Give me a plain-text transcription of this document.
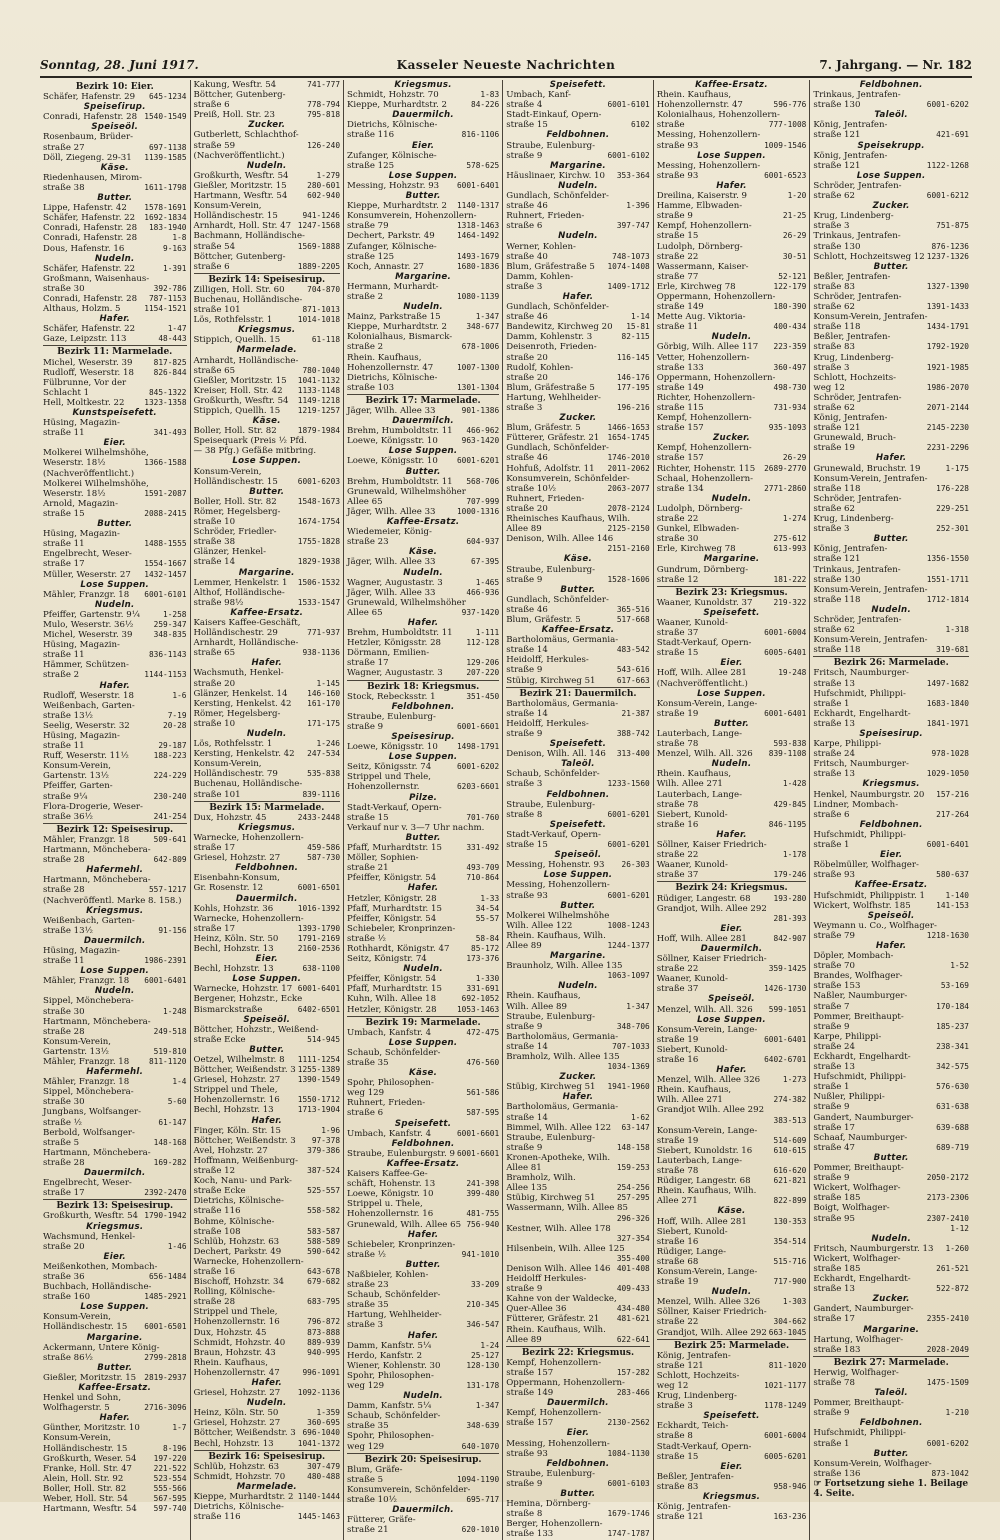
Sonntag, 28. Juni 1917.	Kasseler Neueste Nachrichten	7. Jahrgang. — Nr. 182
Bezirk 10: Eier.
Schäfer, Hafenstr. 29 645-1234
Speiseſirup.
Conradi, Hafenstr. 28 1540-1549
Speiseöl.
Rosenbaum, Brüder-
straße 27	697-1138
Döll, Ziegeng. 29-31 1139-1585
Käse.
Riedenhausen, Mirom-
straße 38	1611-1798
Butter.
Lippe, Hafenstr. 42 1578-1691
Schäfer, Hafenstr. 22 1692-1834
Conradi, Hafenstr. 28 183-1940
Conradi, Hafenstr. 28	1-8
Dous, Hafenstr. 16	9-163
Nudeln.
Schäfer, Hafenstr. 22	1-391
Großmann, Waisenhaus-
straße 30	392-786
Conradi, Hafenstr. 28 787-1153
Althaus, Holzm. 5	1154-1521
Hafer.
Schäfer, Hafenstr. 22	1-47
Gaze, Leipzstr. 113	48-443
Bezirk 11: Marmelade.
Michel, Weserstr. 39	817-825
Rudloff, Weserstr. 18	826-844
Fülbrunne, Vor der
Schlacht 1	845-1322
Hell, Moltkestr. 22	1323-1358
Kunstspeisefett.
Hüsing, Magazin-
straße 11	341-493
Eier.
Molkerei Wilhelmshöhe,
Weserstr. 18½	1366-1588
(Nachveröffentlicht.)
Molkerei Wilhelmshöhe,
Weserstr. 18½	1591-2087
Arnold, Magazin-
straße 15	2088-2415
Butter.
Hüsing, Magazin-
straße 11	1488-1555
Engelbrecht, Weser-
straße 17	1554-1667
Müller, Weserstr. 27 1432-1457
Lose Suppen.
Mähler, Franzgr. 18 6001-6101
Nudeln.
Pfeiffer, Gartenstr. 9¼	1-258
Mulo, Weserstr. 36½	259-347
Michel, Weserstr. 39	348-835
Hüsing, Magazin-
straße 11	836-1143
Hämmer, Schützen-
straße 2	1144-1153
Hafer.
Rudloff, Weserstr. 18	1-6
Weißenbach, Garten-
straße 13½	7-19
Seelig, Weserstr. 32	20-28
Hüsing, Magazin-
straße 11	29-187
Ruff, Weserstr. 11½	188-223
Konsum-Verein,
Gartenstr. 13½	224-229
Pfeiffer, Garten-
straße 9¼	230-240
Flora-Drogerie, Weser-
straße 36½	241-254
Bezirk 12: Speisesirup.
Mähler, Franzgr. 18	509-641
Hartmann, Mönchebera-
straße 28	642-809
Hafermehl.
Hartmann, Mönchebera-
straße 28	557-1217
(Nachveröffentl. Marke 8. 158.)
Kriegsmus.
Weißenbach, Garten-
straße 13½	91-156
Dauermilch.
Hüsing, Magazin-
straße 11	1986-2391
Lose Suppen.
Mähler, Franzgr. 18 6001-6401
Nudeln.
Sippel, Mönchebera-
straße 30	1-248
Hartmann, Mönchebera-
straße 28	249-518
Konsum-Verein,
Gartenstr. 13½	519-810
Mähler, Franzgr. 18	811-1120
Hafermehl.
Mähler, Franzgr. 18	1-4
Sippel, Mönchebera-
straße 30	5-60
Jungbans, Wolfsanger-
straße ½	61-147
Berbold, Wolfsanger-
straße 5	148-168
Hartmann, Mönchebera-
straße 28	169-282
Dauermilch.
Engelbrecht, Weser-
straße 17	2392-2470
Bezirk 13: Speisesirup.
Großkurth, Wesftr. 54 1790-1942
Kriegsmus.
Wachsmund, Henkel-
straße 20	1-46
Eier.
Meißenkothen, Mombach-
straße 36	656-1484
Buchbach, Holländische-
straße 160	1485-2921
Lose Suppen.
Konsum-Verein,
Holländischestr. 15 6001-6501
Margarine.
Ackermann, Untere König-
straße 86½	2799-2818
Butter.
Gießler, Moritzstr. 15 2819-2937
Kaffee-Ersatz.
Henkel und Sohn,
Wolfhagerstr. 5	2716-3096
Hafer.
Günther, Moritzstr. 10	1-7
Konsum-Verein,
Holländischestr. 15	8-196
Großkurth, Weser. 54 197-220
Franke, Holl. Str. 47	221-522
Alein, Holl. Str. 92	523-554
Boller, Holl. Str. 82	555-566
Weber, Holl. Str. 54	567-595
Hartmann, Wesftr. 54 597-740
Kakung, Wesftr. 54	741-777
Böttcher, Gutenberg-
straße 6	778-794
Preiß, Holl. Str. 23	795-818
Zucker.
Gutberlett, Schlachthof-
straße 59	126-240
(Nachveröffentlicht.)
Nudeln.
Großkurth, Wesftr. 54	1-279
Gießler, Moritzstr. 15	280-601
Hartmann, Wesftr. 54	602-940
Konsum-Verein,
Holländischestr. 15	941-1246
Arnhardt, Holl. Str. 47 1247-1568
Bachmann, Holländische-
straße 54	1569-1888
Böttcher, Gutenberg-
straße 6	1889-2205
Bezirk 14: Speisesirup.
Zilligen, Holl. Str. 60	704-870
Buchenau, Holländische-
straße 101	871-1013
Lös, Rothfelsstr. 1	1014-1018
Kriegsmus.
Stippich, Quellh. 15	61-118
Marmelade.
Arnhardt, Holländische-
straße 65	780-1040
Gießler, Moritzstr. 15 1041-1132
Kreiser, Holl. Str. 42 1133-1148
Großkurth, Wesftr. 54 1149-1218
Stippich, Quellh. 15 1219-1257
Käse.
Boller, Holl. Str. 82	1879-1984
Speisequark (Preis ½ Pfd.
— 38 Pfg.) Gefäße mitbring.
Lose Suppen.
Konsum-Verein,
Holländischestr. 15	6001-6203
Butter.
Boller, Holl. Str. 82	1548-1673
Römer, Hegelsberg-
straße 10	1674-1754
Schröder, Friedler-
straße 38	1755-1828
Glänzer, Henkel-
straße 14	1829-1938
Margarine.
Lemmer, Henkelstr. 1 1506-1532
Althof, Holländische-
straße 98½	1533-1547
Kaffee-Ersatz.
Kaisers Kaffee-Geschäft,
Holländischestr. 29	771-937
Arnhardt, Holländische-
straße 65	938-1136
Hafer.
Wachsmuth, Henkel-
straße 20	1-145
Glänzer, Henkelst. 14	146-160
Kersting, Henkelst. 42 161-170
Römer, Hegelsberg-
straße 10	171-175
Nudeln.
Lös, Rothfelsstr. 1	1-246
Kersting, Henkelstr. 42 247-534
Konsum-Verein,
Holländischestr. 79	535-838
Buchenau, Holländische-
straße 101	839-1116
Bezirk 15: Marmelade.
Dux, Hohzstr. 45	2433-2448
Kriegsmus.
Warnecke, Hohenzollern-
straße 17	459-586
Griesel, Hohzstr. 27	587-730
Feldbohnen.
Eisenbahn-Konsum,
Gr. Rosenstr. 12	6001-6501
Dauermilch.
Kohls, Hohzstr. 36	1016-1392
Warnecke, Hohenzollern-
straße 17	1393-1790
Heinz, Köln. Str. 50 1791-2169
Bechl, Hohzstr. 13	2160-2536
Eier.
Bechl, Hohzstr. 13	638-1100
Lose Suppen.
Warnecke, Hohzstr. 17 6001-6401
Bergener, Hohzstr., Ecke
Bismarckstraße	6402-6501
Speiseöl.
Böttcher, Hohzstr., Weißend-
straße Ecke	514-945
Butter.
Oetzel, Wilhelmstr. 8 1111-1254
Böttcher, Weißendstr. 3 1255-1389
Griesel, Hohzstr. 27 1390-1549
Strippel und Thele,
Hohenzollernstr. 16 1550-1712
Bechl, Hohzstr. 13	1713-1904
Hafer.
Finger, Köln. Str. 15	1-96
Böttcher, Weißendstr. 3 97-378
Avel, Hohzstr. 27	379-386
Hoffmann, Weißenburg-
straße 12	387-524
Koch, Nanu- und Park-
straße Ecke	525-557
Dietrichs, Kölnische-
straße 116	558-582
Bohme, Kölnische-
straße 108	583-587
Schlüb, Hohzstr. 63	588-589
Dechert, Parkstr. 49	590-642
Warnecke, Hohenzollern-
straße 16	643-678
Bischoff, Hohzstr. 34	679-682
Rolling, Kölnische-
straße 28	683-795
Strippel und Thele,
Hohenzollernstr. 16	796-872
Dux, Hohzstr. 45	873-888
Schmidt, Hohzstr. 40	889-939
Braun, Hohzstr. 43	940-995
Rhein. Kaufhaus,
Hohenzollernstr. 47	996-1091
Hafer.
Griesel, Hohzstr. 27 1092-1136
Nudeln.
Heinz, Köln. Str. 50	1-359
Griesel, Hohzstr. 27	360-695
Böttcher, Weißendstr. 3 696-1040
Bechl, Hohzstr. 13	1041-1372
Bezirk 16: Speisesirup.
Schlüb, Hohzstr. 63	307-479
Schmidt, Hohzstr. 70	480-488
Marmelade.
Kieppe, Murhardtstr. 2 1140-1444
Dietrichs, Kölnische-
straße 116	1445-1463
Kriegsmus.
Schmidt, Hohzstr. 70	1-83
Kieppe, Murhardtstr. 2	84-226
Dauermilch.
Dietrichs, Kölnische-
straße 116	816-1106
Eier.
Zufanger, Kölnische-
straße 125	578-625
Lose Suppen.
Messing, Hohzstr. 93 6001-6401
Butter.
Kieppe, Murhardtstr. 2 1140-1317
Konsumverein, Hohenzollern-
straße 79	1318-1463
Dechert, Parkstr. 49	1464-1492
Zufanger, Kölnische-
straße 125	1493-1679
Koch, Annastr. 27	1680-1836
Margarine.
Hermann, Murhardt-
straße 2	1080-1139
Nudeln.
Mainz, Parkstraße 15	1-347
Kieppe, Murhardtstr. 2 348-677
Kolonialhaus, Bismarck-
straße 2	678-1006
Rhein. Kaufhaus,
Hohenzollernstr. 47	1007-1300
Dietrichs, Kölnische-
straße 103	1301-1304
Bezirk 17: Marmelade.
Jäger, Wilh. Allee 33	901-1386
Dauermilch.
Brehm, Humboldtstr. 11 466-962
Loewe, Königsstr. 10	963-1420
Lose Suppen.
Loewe, Königsstr. 10 6001-6201
Butter.
Brehm, Humboldtstr. 11 568-706
Grunewald, Wilhelmshöher
Allee 65	707-999
Jäger, Wilh. Allee 33	1000-1316
Kaffee-Ersatz.
Wiedemeier, König-
straße 23	604-937
Käse.
Jäger, Wilh. Allee 33	67-395
Nudeln.
Wagner, Augustastr. 3	1-465
Jäger, Wilh. Allee 33	466-936
Grunewald, Wilhelmshöher
Allee 65	937-1420
Hafer.
Brehm, Humboldtstr. 11	1-111
Hetzler, Königsstr. 28	112-128
Dörmann, Emilien-
straße 17	129-206
Wagner, Augustastr. 3	207-220
Bezirk 18: Kriegsmus.
Stock, Rebecksstr. 1	351-450
Feldbohnen.
Straube, Eulenburg-
straße 9	6001-6601
Speisesirup.
Loewe, Königsstr. 10 1498-1791
Lose Suppen.
Seitz, Königsstr. 74	6001-6202
Strippel und Thele,
Hohenzollernstr.	6203-6601
Pilze.
Stadt-Verkauf, Opern-
straße 15	701-760
Verkauf nur v. 3—7 Uhr nachm.
Butter.
Pfaff, Murhardtstr. 15	331-492
Möller, Sophien-
straße 21	493-709
Pfeiffer, Königstr. 54	710-864
Hafer.
Hetzler, Königstr. 28	1-33
Pfaff, Murhardtstr. 15	34-54
Pfeiffer, Königstr. 54	55-57
Schiebeler, Kronprinzen-
straße ½	58-84
Rothhardt, Königstr. 47	85-172
Seitz, Königstr. 74	173-376
Nudeln.
Pfeiffer, Königstr. 54	1-330
Pfaff, Murhardtstr. 15	331-691
Kuhn, Wilh. Allee 18	692-1052
Hetzler, Königstr. 28	1053-1463
Bezirk 19: Marmelade.
Umbach, Kanfstr. 4	472-475
Lose Suppen.
Schaub, Schönfelder-
straße 35	476-560
Käse.
Spohr, Philosophen-
weg 129	561-586
Ruhnert, Frieden-
straße 6	587-595
Speisefett.
Umbach, Kanfstr. 4	6001-6601
Feldbohnen.
Straube, Eulenburgstr. 9 6001-6601
Kaffee-Ersatz.
Kaisers Kaffee-Ge-
schäft, Hohenstr. 13	241-398
Loewe, Königstr. 10	399-480
Strippel u. Thele,
Hohenzollernstr. 16	481-755
Grunewald, Wilh. Allee 65 756-940
Hafer.
Schiebeler, Kronprinzen-
straße ½	941-1010
Butter.
Naßbieler, Kohlen-
straße 23	33-209
Schaub, Schönfelder-
straße 35	210-345
Hartung, Wehlheider-
straße 3	346-547
Hafer.
Damm, Kanfstr. 5¼	1-24
Herdo, Kanfstr. 2	25-127
Wiener, Kohlenstr. 30	128-130
Spohr, Philosophen-
weg 129	131-178
Nudeln.
Damm, Kanfstr. 5¼	1-347
Schaub, Schönfelder-
straße 35	348-639
Spohr, Philosophen-
weg 129	640-1070
Bezirk 20: Speisesirup.
Blum, Gräfe-
straße 5	1094-1190
Konsumverein, Schönfelder-
straße 10½	695-717
Dauermilch.
Fütterer, Gräfe-
straße 21	620-1010
Speisefett.
Umbach, Kanf-
straße 4	6001-6101
Stadt-Einkauf, Opern-
straße 15	6102
Feldbohnen.
Straube, Eulenburg-
straße 9	6001-6102
Margarine.
Häuslinaer, Kirchw. 10 353-364
Nudeln.
Gundlach, Schönfelder-
straße 46	1-396
Ruhnert, Frieden-
straße 6	397-747
Nudeln.
Werner, Kohlen-
straße 40	748-1073
Blum, Gräfestraße 5 1074-1408
Damm, Kohlen-
straße 3	1409-1712
Hafer.
Gundlach, Schönfelder-
straße 46	1-14
Bandewitz, Kirchweg 20 15-81
Damm, Kohlenstr. 3	82-115
Deisenroth, Frieden-
straße 20	116-145
Rudolf, Kohlen-
straße 20	146-176
Blum, Gräfestraße 5	177-195
Hartung, Wehlheider-
straße 3	196-216
Zucker.
Blum, Gräfestr. 5	1466-1653
Fütterer, Gräfestr. 21 1654-1745
Gundlach, Schönfelder-
straße 46	1746-2010
Hohfuß, Adolfstr. 11 2011-2062
Konsumverein, Schönfelder-
straße 10½	2063-2077
Ruhnert, Frieden-
straße 20	2078-2124
Rheinisches Kaufhaus, Wilh.
Allee 89	2125-2150
Denison, Wilh. Allee 146
2151-2160
Käse.
Straube, Eulenburg-
straße 9	1528-1606
Butter.
Gundlach, Schönfelder-
straße 46	365-516
Blum, Gräfestr. 5	517-668
Kaffee-Ersatz.
Bartholomäus, Germania-
straße 14	483-542
Heidolff, Herkules-
straße 9	543-616
Stübig, Kirchweg 51	617-663
Bezirk 21: Dauermilch.
Bartholomäus, Germania-
straße 14	21-387
Heidolff, Herkules-
straße 9	388-742
Speisefett.
Denison, Wilh. All. 146 313-400
Taleöl.
Schaub, Schönfelder-
straße 3	1233-1560
Feldbohnen.
Straube, Eulenburg-
straße 8	6001-6201
Speisefett.
Stadt-Verkauf, Opern-
straße 15	6001-6201
Speiseöl.
Messing, Hohenstr. 93 26-303
Lose Suppen.
Messing, Hohenzollern-
straße 93	6001-6201
Butter.
Molkerei Wilhelmshöhe
Wilh. Allee 122	1008-1243
Rhein. Kaufhaus, Wilh.
Allee 89	1244-1377
Margarine.
Braunholz, Wilh. Allee 135
1063-1097
Nudeln.
Rhein. Kaufhaus,
Wilh. Allee 89	1-347
Straube, Eulenburg-
straße 9	348-706
Bartholomäus, Germania-
straße 14	707-1033
Bramholz, Wilh. Allee 135
1034-1369
Zucker.
Stübig, Kirchweg 51 1941-1960
Hafer.
Bartholomäus, Germania-
straße 14	1-62
Bimmel, Wilh. Allee 122 63-147
Straube, Eulenburg-
straße 9	148-158
Kronen-Apotheke, Wilh.
Allee 81	159-253
Bramholz, Wilh.
Allee 135	254-256
Stübig, Kirchweg 51	257-295
Wassermann, Wilh. Allee 85
296-326
Kestner, Wilh. Allee 178
327-354
Hilsenbein, Wilh. Allee 125
355-400
Denison Wilh. Allee 146 401-408
Heidolff Herkules-
straße 9	409-433
Kahne von der Waldecke,
Quer-Allee 36	434-480
Fütterer, Gräfestr. 21 481-621
Rhein. Kaufhaus, Wilh.
Allee 89	622-641
Bezirk 22: Kriegsmus.
Kempf, Hohenzollern-
straße 157	157-282
Oppermann, Hohenzollern-
straße 149	283-466
Dauermilch.
Kempf, Hohenzollern-
straße 157	2130-2562
Eier.
Messing, Hohenzollern-
straße 93	1084-1130
Feldbohnen.
Straube, Eulenburg-
straße 9	6001-6103
Butter.
Hemina, Dörnberg-
straße 8	1679-1746
Berger, Hohenzollern-
straße 133	1747-1787
Kaffee-Ersatz.
Rhein. Kaufhaus,
Hohenzollernstr. 47	596-776
Kolonialhaus, Hohenzollern-
straße	777-1008
Messing, Hohenzollern-
straße 93	1009-1546
Lose Suppen.
Messing, Hohenzollern-
straße 93	6001-6523
Hafer.
Dreilina, Kaiserstr. 9	1-20
Hamme, Elbwaden-
straße 9	21-25
Kempf, Hohenzollern-
straße 15	26-29
Ludolph, Dörnberg-
straße 22	30-51
Wassermann, Kaiser-
straße 77	52-121
Erle, Kirchweg 78	122-179
Oppermann, Hohenzollern-
straße 149	180-390
Mette Aug. Viktoria-
straße 11	400-434
Nudeln.
Görbig, Wilh. Allee 117 223-359
Vetter, Hohenzollern-
straße 133	360-497
Oppermann, Hohenzollern-
straße 149	498-730
Richter, Hohenzollern-
straße 115	731-934
Kempf, Hohenzollern-
straße 157	935-1093
Zucker.
Kempf, Hohenzollern-
straße 157	26-29
Richter, Hohenstr. 115 2689-2770
Schaal, Hohenzollern-
straße 134	2771-2860
Nudeln.
Ludolph, Dörnberg-
straße 22	1-274
Gunkel, Elbwaden-
straße 30	275-612
Erle, Kirchweg 78	613-993
Margarine.
Gundrum, Dörnberg-
straße 12	181-222
Bezirk 23: Kriegsmus.
Waaner, Kunoldstr. 37	219-322
Speisefett.
Waaner, Kunold-
straße 37	6001-6004
Stadt-Verkauf, Opern-
straße 15	6005-6401
Eier.
Hoff, Wilh. Allee 281	19-248
(Nachveröffentlicht.)
Lose Suppen.
Konsum-Verein, Lange-
straße 19	6001-6401
Butter.
Lauterbach, Lange-
straße 78	593-838
Menzel, Wilh. All. 326 839-1108
Nudeln.
Rhein. Kaufhaus,
Wilh. Allee 271	1-428
Lauterbach, Lange-
straße 78	429-845
Siebert, Kunold-
straße 16	846-1195
Hafer.
Söllner, Kaiser Friedrich-
straße 22	1-178
Waaner, Kunold-
straße 37	179-246
Bezirk 24: Kriegsmus.
Rüdiger, Langestr. 68	193-280
Grandjot, Wilh. Allee 292
281-393
Eier.
Hoff, Wilh. Allee 281	842-907
Dauermilch.
Söllner, Kaiser Friedrich-
straße 22	359-1425
Waaner, Kunold-
straße 37	1426-1730
Speiseöl.
Menzel, Wilh. All. 326 599-1051
Lose Suppen.
Konsum-Verein, Lange-
straße 19	6001-6401
Siebert, Kunold-
straße 16	6402-6701
Hafer.
Menzel, Wilh. Allee 326	1-273
Rhein. Kaufhaus,
Wilh. Allee 271	274-382
Grandjot Wilh. Allee 292
383-513
Konsum-Verein, Lange-
straße 19	514-609
Siebert, Kunoldstr. 16	610-615
Lauterbach, Lange-
straße 78	616-620
Rüdiger, Langestr. 68	621-821
Rhein. Kaufhaus, Wilh.
Allee 271	822-899
Käse.
Hoff, Wilh. Allee 281	130-353
Siebert, Kunold-
straße 16	354-514
Rüdiger, Lange-
straße 68	515-716
Konsum-Verein, Lange-
straße 19	717-900
Nudeln.
Menzel, Wilh. Allee 326	1-303
Söllner, Kaiser Friedrich-
straße 22	304-662
Grandjot, Wilh. Allee 292 663-1045
Bezirk 25: Marmelade.
König, Jentrafen-
straße 121	811-1020
Schlott, Hochzeits-
weg 12	1021-1177
Krug, Lindenberg-
straße 3	1178-1249
Speisefett.
Eckhardt, Teich-
straße 8	6001-6004
Stadt-Verkauf, Opern-
straße 15	6005-6201
Eier.
Beßler, Jentrafen-
straße 83	958-946
Kriegsmus.
König, Jentrafen-
straße 121	163-236
Feldbohnen.
Trinkaus, Jentrafen-
straße 130	6001-6202
Taleöl.
König, Jentrafen-
straße 121	421-691
Speisekrupp.
König, Jentrafen-
straße 121	1122-1268
Lose Suppen.
Schröder, Jentrafen-
straße 62	6001-6212
Zucker.
Krug, Lindenberg-
straße 3	751-875
Trinkaus, Jentrafen-
straße 130	876-1236
Schlott, Hochzeitsweg 12 1237-1326
Butter.
Beßler, Jentrafen-
straße 83	1327-1390
Schröder, Jentrafen-
straße 62	1391-1433
Konsum-Verein, Jentrafen-
straße 118	1434-1791
Beßler, Jentrafen-
straße 83	1792-1920
Krug, Lindenberg-
straße 3	1921-1985
Schlott, Hochzeits-
weg 12	1986-2070
Schröder, Jentrafen-
straße 62	2071-2144
König, Jentrafen-
straße 121	2145-2230
Grunewald, Bruch-
straße 19	2231-2296
Hafer.
Grunewald, Bruchstr. 19	1-175
Konsum-Verein, Jentrafen-
straße 118	176-228
Schröder, Jentrafen-
straße 62	229-251
Krug, Lindenberg-
straße 3	252-301
Butter.
König, Jentrafen-
straße 121	1356-1550
Trinkaus, Jentrafen-
straße 130	1551-1711
Konsum-Verein, Jentrafen-
straße 118	1712-1814
Nudeln.
Schröder, Jentrafen-
straße 62	1-318
Konsum-Verein, Jentrafen-
straße 118	319-681
Bezirk 26: Marmelade.
Fritsch, Naumburger-
straße 13	1497-1682
Hufschmidt, Philippi-
straße 1	1683-1840
Eckhardt, Engelhardt-
straße 13	1841-1971
Speisesirup.
Karpe, Philippi-
straße 24	978-1028
Fritsch, Naumburger-
straße 13	1029-1050
Kriegsmus.
Henkel, Naumburgstr. 20 157-216
Lindner, Mombach-
straße 6	217-264
Feldbohnen.
Hufschmidt, Philippi-
straße 1	6001-6401
Eier.
Röbelmüller, Wolfhager-
straße 93	580-637
Kaffee-Ersatz.
Hufschmidt, Philippistr. 1	1-140
Wickert, Wolfhstr. 185	141-153
Speiseöl.
Weymann u. Co., Wolfhager-
straße 79	1218-1630
Hafer.
Döpler, Mombach-
straße 70	1-52
Brandes, Wolfhager-
straße 153	53-169
Naßler, Naumburger-
straße 7	170-184
Pommer, Breithaupt-
straße 9	185-237
Karpe, Philippi-
straße 24	238-341
Eckhardt, Engelhardt-
straße 13	342-575
Hufschmidt, Philippi-
straße 1	576-630
Nußler, Philippi-
straße 9	631-638
Gandert, Naumburger-
straße 17	639-688
Schaaf, Naumburger-
straße 47	689-719
Butter.
Pommer, Breithaupt-
straße 9	2050-2172
Wickert, Wolfhager-
straße 185	2173-2306
Boigt, Wolfhager-
straße 95	2307-2410
1-12
Nudeln.
Fritsch, Naumburgerstr. 13 1-260
Wickert, Wolfhager-
straße 185	261-521
Eckhardt, Engelhardt-
straße 13	522-872
Zucker.
Gandert, Naumburger-
straße 17	2355-2410
Margarine.
Hartung, Wolfhager-
straße 183	2028-2049
Bezirk 27: Marmelade.
Herwig, Wolfhager-
straße 78	1475-1509
Taleöl.
Pommer, Breithaupt-
straße 9	1-210
Feldbohnen.
Hufschmidt, Philippi-
straße 1	6001-6202
Butter.
Konsum-Verein, Wolfhager-
straße 136	873-1042
☞ Fortsetzung siehe 1. Beilage 4. Seite.
